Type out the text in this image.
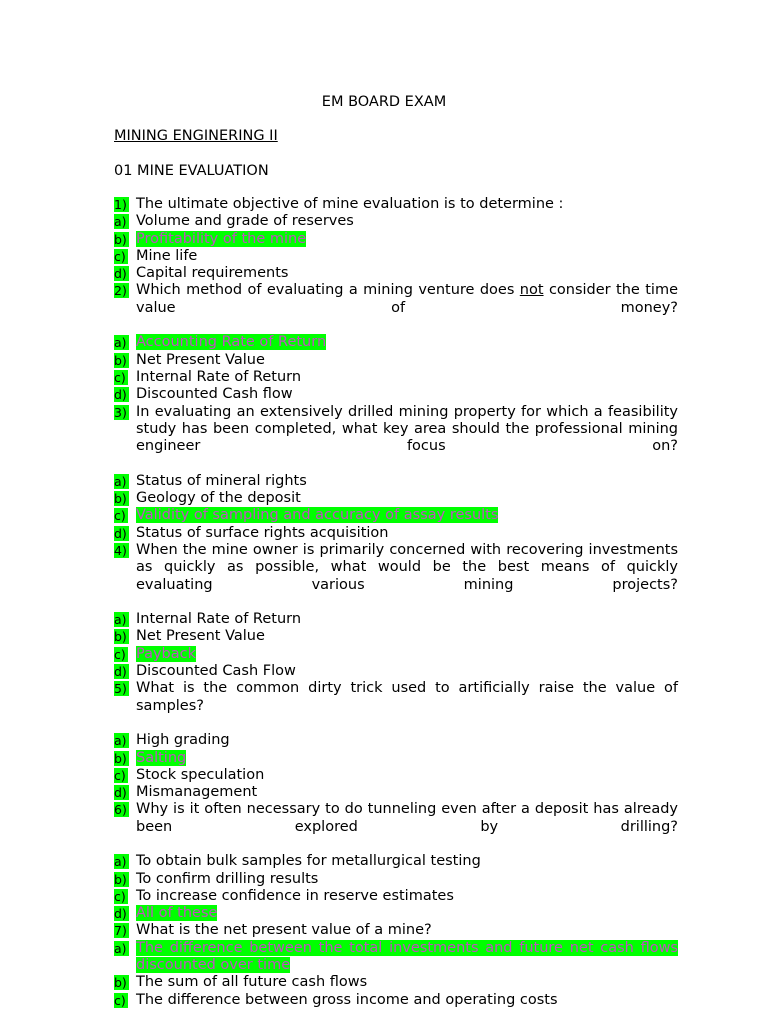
EM BOARD EXAM
MINING ENGINERING II
01 MINE EVALUATION
1) The ultimate objective of mine evaluation is to determine :
a) Volume and grade of reserves
b) Profitability of the mine
c) Mine life
d) Capital requirements
2) Which method of evaluating a mining venture does not consider the time value of money?
a) Accounting Rate of Return
b) Net Present Value
c) Internal Rate of Return
d) Discounted Cash flow
3) In evaluating an extensively drilled mining property for which a feasibility study has been completed, what key area should the professional mining engineer focus on?
a) Status of mineral rights
b) Geology of the deposit
c) Validity of sampling and accuracy of assay results
d) Status of surface rights acquisition
4) When the mine owner is primarily concerned with recovering investments as quickly as possible, what would be the best means of quickly evaluating various mining projects?
a) Internal Rate of Return
b) Net Present Value
c) Payback
d) Discounted Cash Flow
5) What is the common dirty trick used to artificially raise the value of samples?
a) High grading
b) Salting
c) Stock speculation
d) Mismanagement
6) Why is it often necessary to do tunneling even after a deposit has already been explored by drilling?
a) To obtain bulk samples for metallurgical testing
b) To confirm drilling results
c) To increase confidence in reserve estimates
d) All of these
7) What is the net present value of a mine?
a) The difference between the total investments and future net cash flows discounted over time
b) The sum of all future cash flows
c) The difference between gross income and operating costs
